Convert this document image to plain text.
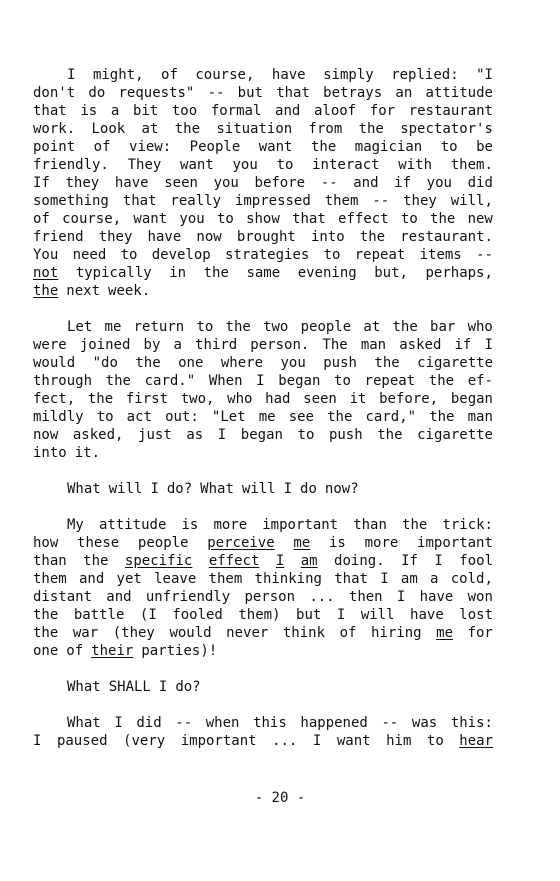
I might, of course, have simply replied: "I
don't do requests" -- but that betrays an attitude
that is a bit too formal and aloof for restaurant
work. Look at the situation from the spectator's
point of view: People want the magician to be
friendly. They want you to interact with them.
If they have seen you before -- and if you did
something that really impressed them -- they will,
of course, want you to show that effect to the new
friend they have now brought into the restaurant.
You need to develop strategies to repeat items --
not typically in the same evening but, perhaps,
the next week.
Let me return to the two people at the bar who
were joined by a third person. The man asked if I
would "do the one where you push the cigarette
through the card." When I began to repeat the ef-
fect, the first two, who had seen it before, began
mildly to act out: "Let me see the card," the man
now asked, just as I began to push the cigarette
into it.
What will I do? What will I do now?
My attitude is more important than the trick:
how these people perceive me is more important
than the specific effect I am doing. If I fool
them and yet leave them thinking that I am a cold,
distant and unfriendly person ... then I have won
the battle (I fooled them) but I will have lost
the war (they would never think of hiring me for
one of their parties)!
What SHALL I do?
What I did -- when this happened -- was this:
I paused (very important ... I want him to hear
- 20 -
